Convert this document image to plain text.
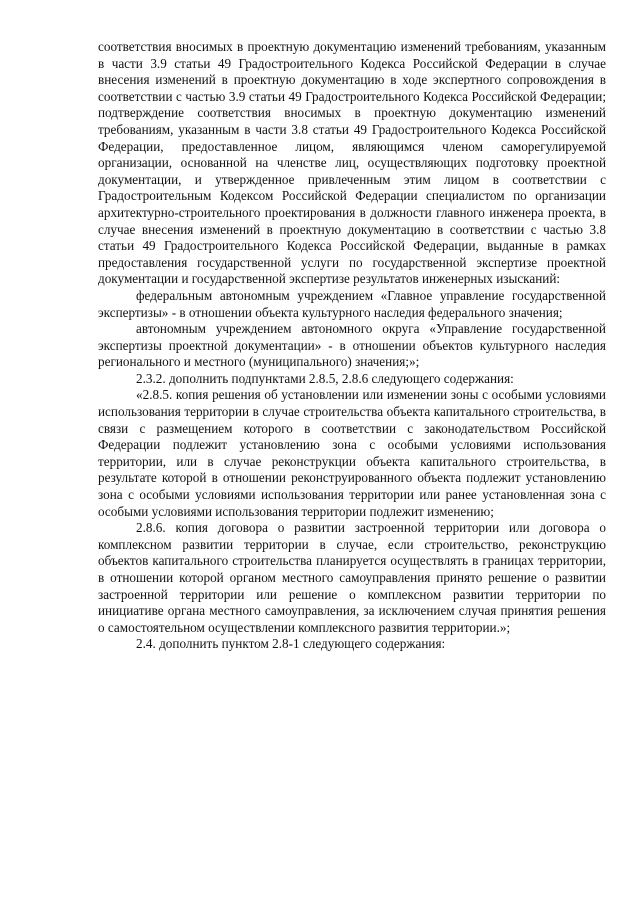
соответствия вносимых в проектную документацию изменений требованиям, указанным в части 3.9 статьи 49 Градостроительного Кодекса Российской Федерации в случае внесения изменений в проектную документацию в ходе экспертного сопровождения в соответствии с частью 3.9 статьи 49 Градостроительного Кодекса Российской Федерации; подтверждение соответствия вносимых в проектную документацию изменений требованиям, указанным в части 3.8 статьи 49 Градостроительного Кодекса Российской Федерации, предоставленное лицом, являющимся членом саморегулируемой организации, основанной на членстве лиц, осуществляющих подготовку проектной документации, и утвержденное привлеченным этим лицом в соответствии с Градостроительным Кодексом Российской Федерации специалистом по организации архитектурно-строительного проектирования в должности главного инженера проекта, в случае внесения изменений в проектную документацию в соответствии с частью 3.8 статьи 49 Градостроительного Кодекса Российской Федерации, выданные в рамках предоставления государственной услуги по государственной экспертизе проектной документации и государственной экспертизе результатов инженерных изысканий:

федеральным автономным учреждением «Главное управление государственной экспертизы» - в отношении объекта культурного наследия федерального значения;

автономным учреждением автономного округа «Управление государственной экспертизы проектной документации» - в отношении объектов культурного наследия регионального и местного (муниципального) значения;»;

2.3.2. дополнить подпунктами 2.8.5, 2.8.6 следующего содержания:

«2.8.5. копия решения об установлении или изменении зоны с особыми условиями использования территории в случае строительства объекта капитального строительства, в связи с размещением которого в соответствии с законодательством Российской Федерации подлежит установлению зона с особыми условиями использования территории, или в случае реконструкции объекта капитального строительства, в результате которой в отношении реконструированного объекта подлежит установлению зона с особыми условиями использования территории или ранее установленная зона с особыми условиями использования территории подлежит изменению;

2.8.6. копия договора о развитии застроенной территории или договора о комплексном развитии территории в случае, если строительство, реконструкцию объектов капитального строительства планируется осуществлять в границах территории, в отношении которой органом местного самоуправления принято решение о развитии застроенной территории или решение о комплексном развитии территории по инициативе органа местного самоуправления, за исключением случая принятия решения о самостоятельном осуществлении комплексного развития территории.»;

2.4. дополнить пунктом 2.8-1 следующего содержания:
